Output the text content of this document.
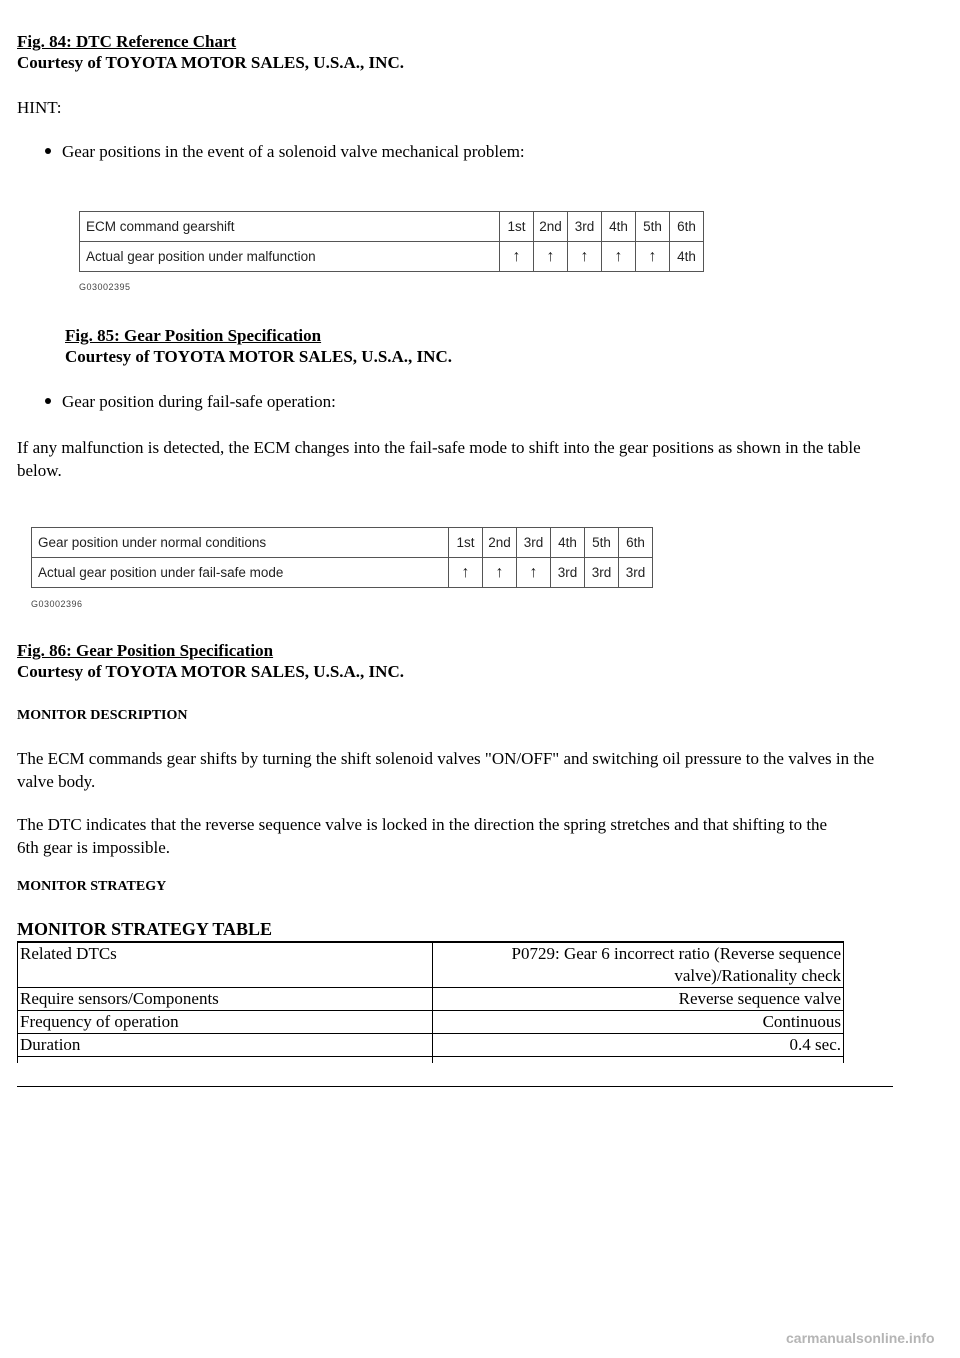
Fig. 84: DTC Reference Chart
Courtesy of TOYOTA MOTOR SALES, U.S.A., INC.
HINT:
Gear positions in the event of a solenoid valve mechanical problem:
ECM command gearshift	1st	2nd	3rd	4th	5th	6th
Actual gear position under malfunction	↑	↑	↑	↑	↑	4th
G03002395
Fig. 85: Gear Position Specification
Courtesy of TOYOTA MOTOR SALES, U.S.A., INC.
Gear position during fail-safe operation:
If any malfunction is detected, the ECM changes into the fail-safe mode to shift into the gear positions as shown in the table below.
Gear position under normal conditions	1st	2nd	3rd	4th	5th	6th
Actual gear position under fail-safe mode	↑	↑	↑	3rd	3rd	3rd
G03002396
Fig. 86: Gear Position Specification
Courtesy of TOYOTA MOTOR SALES, U.S.A., INC.
MONITOR DESCRIPTION
The ECM commands gear shifts by turning the shift solenoid valves "ON/OFF" and switching oil pressure to the valves in the valve body.
The DTC indicates that the reverse sequence valve is locked in the direction the spring stretches and that shifting to the 6th gear is impossible.
MONITOR STRATEGY
MONITOR STRATEGY TABLE
Related DTCs	P0729: Gear 6 incorrect ratio (Reverse sequence
valve)/Rationality check

Require sensors/Components	Reverse sequence valve
Frequency of operation	Continuous
Duration	0.4 sec.

carmanualsonline.info
